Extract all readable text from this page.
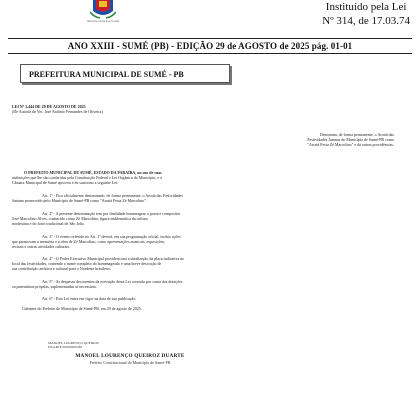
PREFEITURA MUNICIPAL DE SUMÉ
Instituído pela Lei
Nº 314, de 17.03.74
ANO XXIII - SUMÉ (PB) - EDIÇÃO 29 de AGOSTO de 2025 pág. 01-01
PREFEITURA MUNICIPAL DE SUMÉ - PB
LEI Nº 3.444 DE 29 DE AGOSTO DE 2025
(De Autoria do Ver. José Antônio Fernandes de Oliveira)
Denomina, de forma permanente, o Arraiá das
Festividades Juninas do Município de Sumé-PB como
"Arraiá Festa Zé Marcolino" e dá outras providências.
O PREFEITO MUNICIPAL DE SUMÉ, ESTADO DA PARAÍBA, no uso de suas
atribuições que lhe são conferidas pela Constituição Federal e Lei Orgânica do Município, e a
Câmara Municipal de Sumé aprovou e eu sanciono a seguinte Lei:
Art. 1º - Fica oficialmente denominado, de forma permanente, o Arraiá das Festividades
Juninas promovido pelo Município de Sumé-PB como "Arraiá Festa Zé Marcolino".
Art. 2º - A presente denominação tem por finalidade homenagear o poeta e compositor
José Marcolino Alves, conhecido como Zé Marcolino, figura emblemática da cultura
nordestina e do forró tradicional de São João.
Art. 3º - O evento referido no Art. 1º deverá, em sua programação oficial, incluir ações
que promovam a memória e a obra de Zé Marcolino, como apresentações musicais, exposições,
recitais e outras atividades culturais.
Art. 4º - O Poder Executivo Municipal providenciará a sinalização da placa indicativa no
local das festividades, contendo o nome completo do homenageado e uma breve descrição de
sua contribuição artística e cultural para o Nordeste brasileiro.
Art. 5º - As despesas decorrentes da execução desta Lei correrão por conta das dotações
orçamentárias próprias, suplementadas se necessário.
Art. 6º - Esta Lei entra em vigor na data de sua publicação.
Gabinete do Prefeito do Município de Sumé-PB, em 29 de agosto de 2025.
MANOEL LOURENÇO QUEIROZ
DUARTE:04590950485
MANOEL LOURENÇO QUEIROZ DUARTE
Prefeito Constitucional do Município de Sumé-PB
